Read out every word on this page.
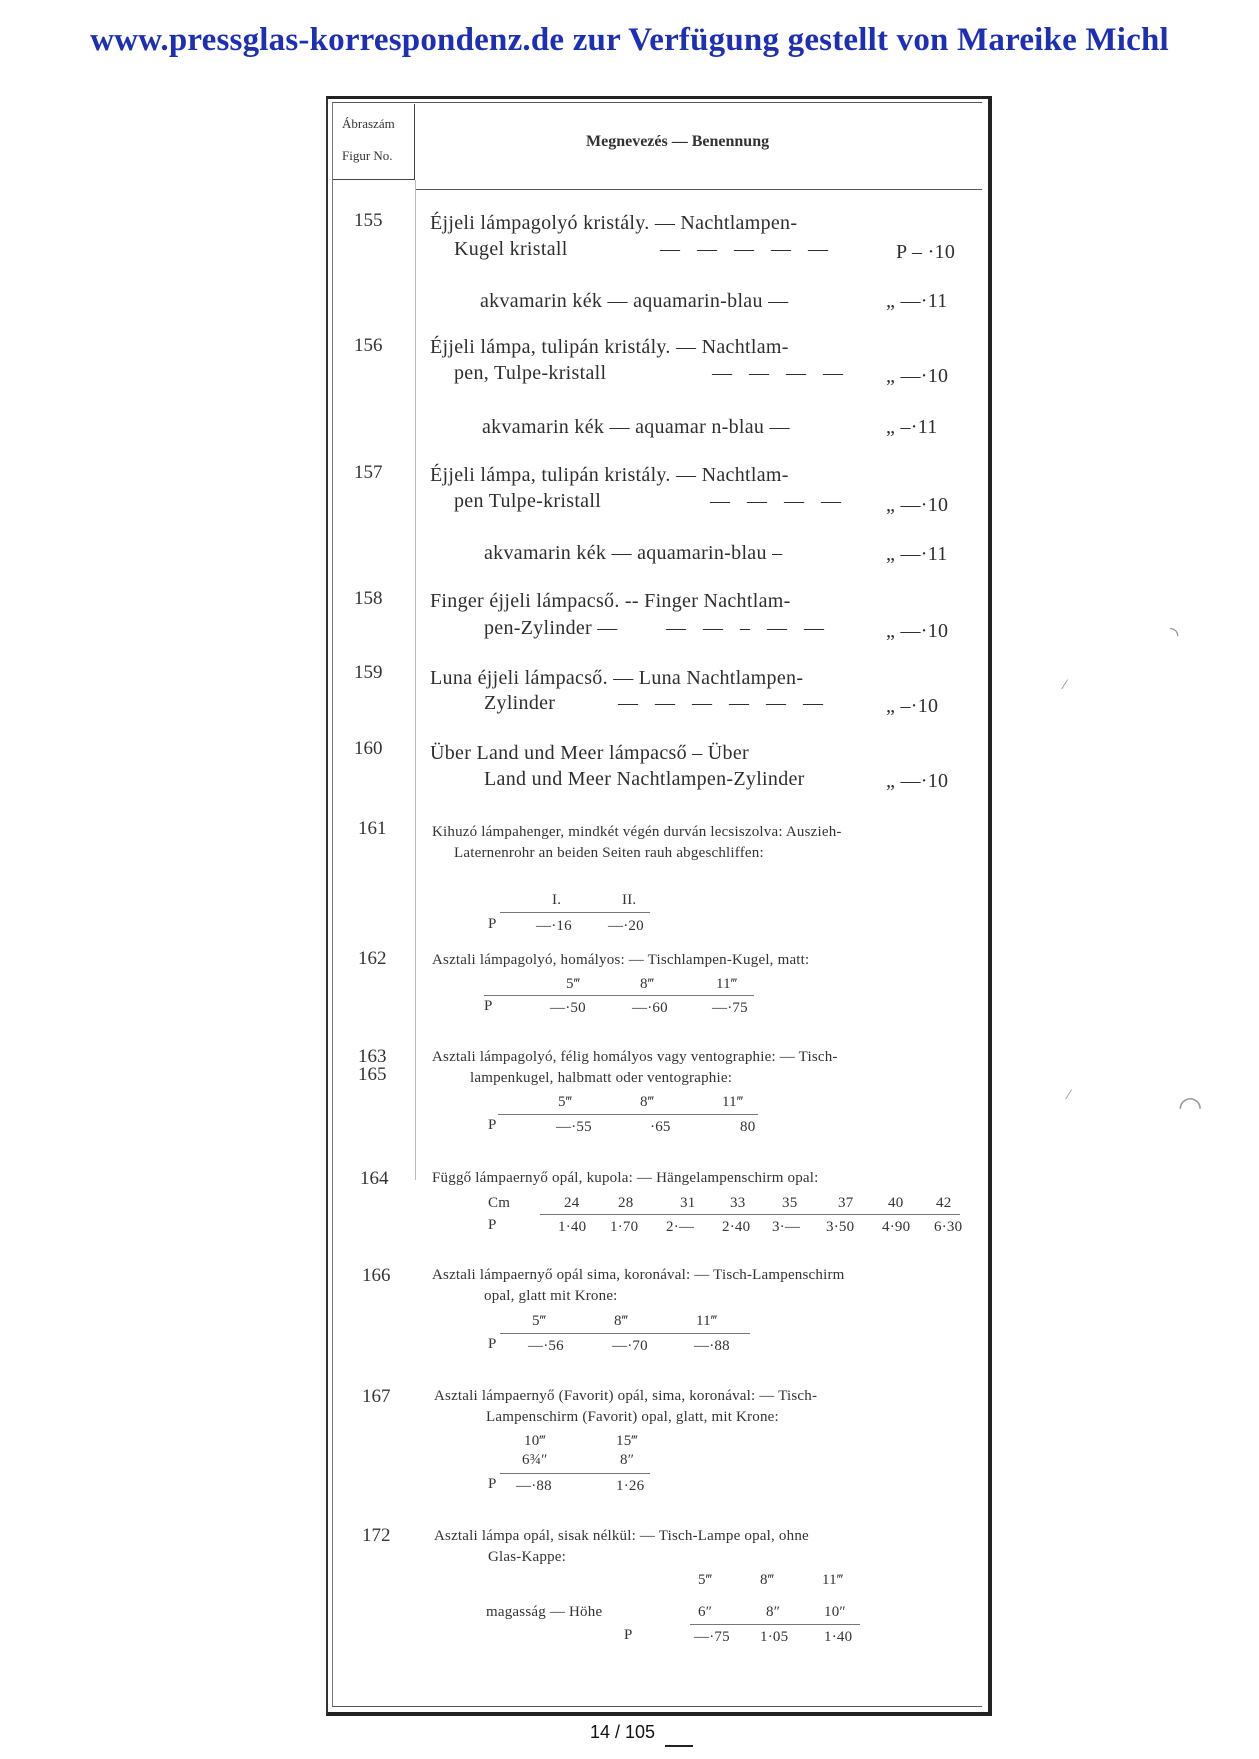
www.pressglas-korrespondenz.de zur Verfügung gestellt von Mareike Michl
Ábraszám
Figur No.
Megnevezés — Benennung
155 Éjjeli lámpagolyó kristály. — Nachtlampen-
Kugel kristall	— — — — —	P – ·10
akvamarin kék — aquamarin-blau —	„ —·11
156 Éjjeli lámpa, tulipán kristály. — Nachtlam-
pen, Tulpe-kristall	— — — — „ —·10
akvamarin kék — aquamar n-blau —	„ –·11
157 Éjjeli lámpa, tulipán kristály. — Nachtlam-
pen Tulpe-kristall	— — — — „ —·10
akvamarin kék — aquamarin-blau –	„ —·11
158 Finger éjjeli lámpacső. -- Finger Nachtlam-
pen-Zylinder — — — – — —	„ —·10
159 Luna éjjeli lámpacső. — Luna Nachtlampen-
Zylinder	— — — — — —	„ –·10
160 Über Land und Meer lámpacső – Über
Land und Meer Nachtlampen-Zylinder	„ —·10
161	Kihuzó lámpahenger, mindkét végén durván lecsiszolva: Auszieh-
Laternenrohr an beiden Seiten rauh abgeschliffen:
I.	II.
P	—·16 —·20
162	Asztali lámpagolyó, homályos: — Tischlampen-Kugel, matt:
5‴	8‴	11‴
P	—·50	—·60	—·75
163
165
Asztali lámpagolyó, félig homályos vagy ventographie: — Tisch-
lampenkugel, halbmatt oder ventographie:
5‴	8‴	11‴
P	—·55	·65	80
164	Függő lámpaernyő opál, kupola: — Hängelampenschirm opal:
Cm	24	28	31 33 35	37 40 42
P	1·40 1·70 2·— 2·40 3·— 3·50 4·90 6·30
166	Asztali lámpaernyő opál sima, koronával: — Tisch-Lampenschirm
opal, glatt mit Krone:
5‴	8‴	11‴
P —·56	—·70	—·88
167	Asztali lámpaernyő (Favorit) opál, sima, koronával: — Tisch-
Lampenschirm (Favorit) opal, glatt, mit Krone:
10‴	15‴
6¾″	8″
P —·88	1·26
172	Asztali lámpa opál, sisak nélkül: — Tisch-Lampe opal, ohne
Glas-Kappe:
5‴	8‴	11‴
magasság — Höhe	6″	8″	10″
P	—·75 1·05 1·40
◝
◠
⁄
⁄
14 / 105
